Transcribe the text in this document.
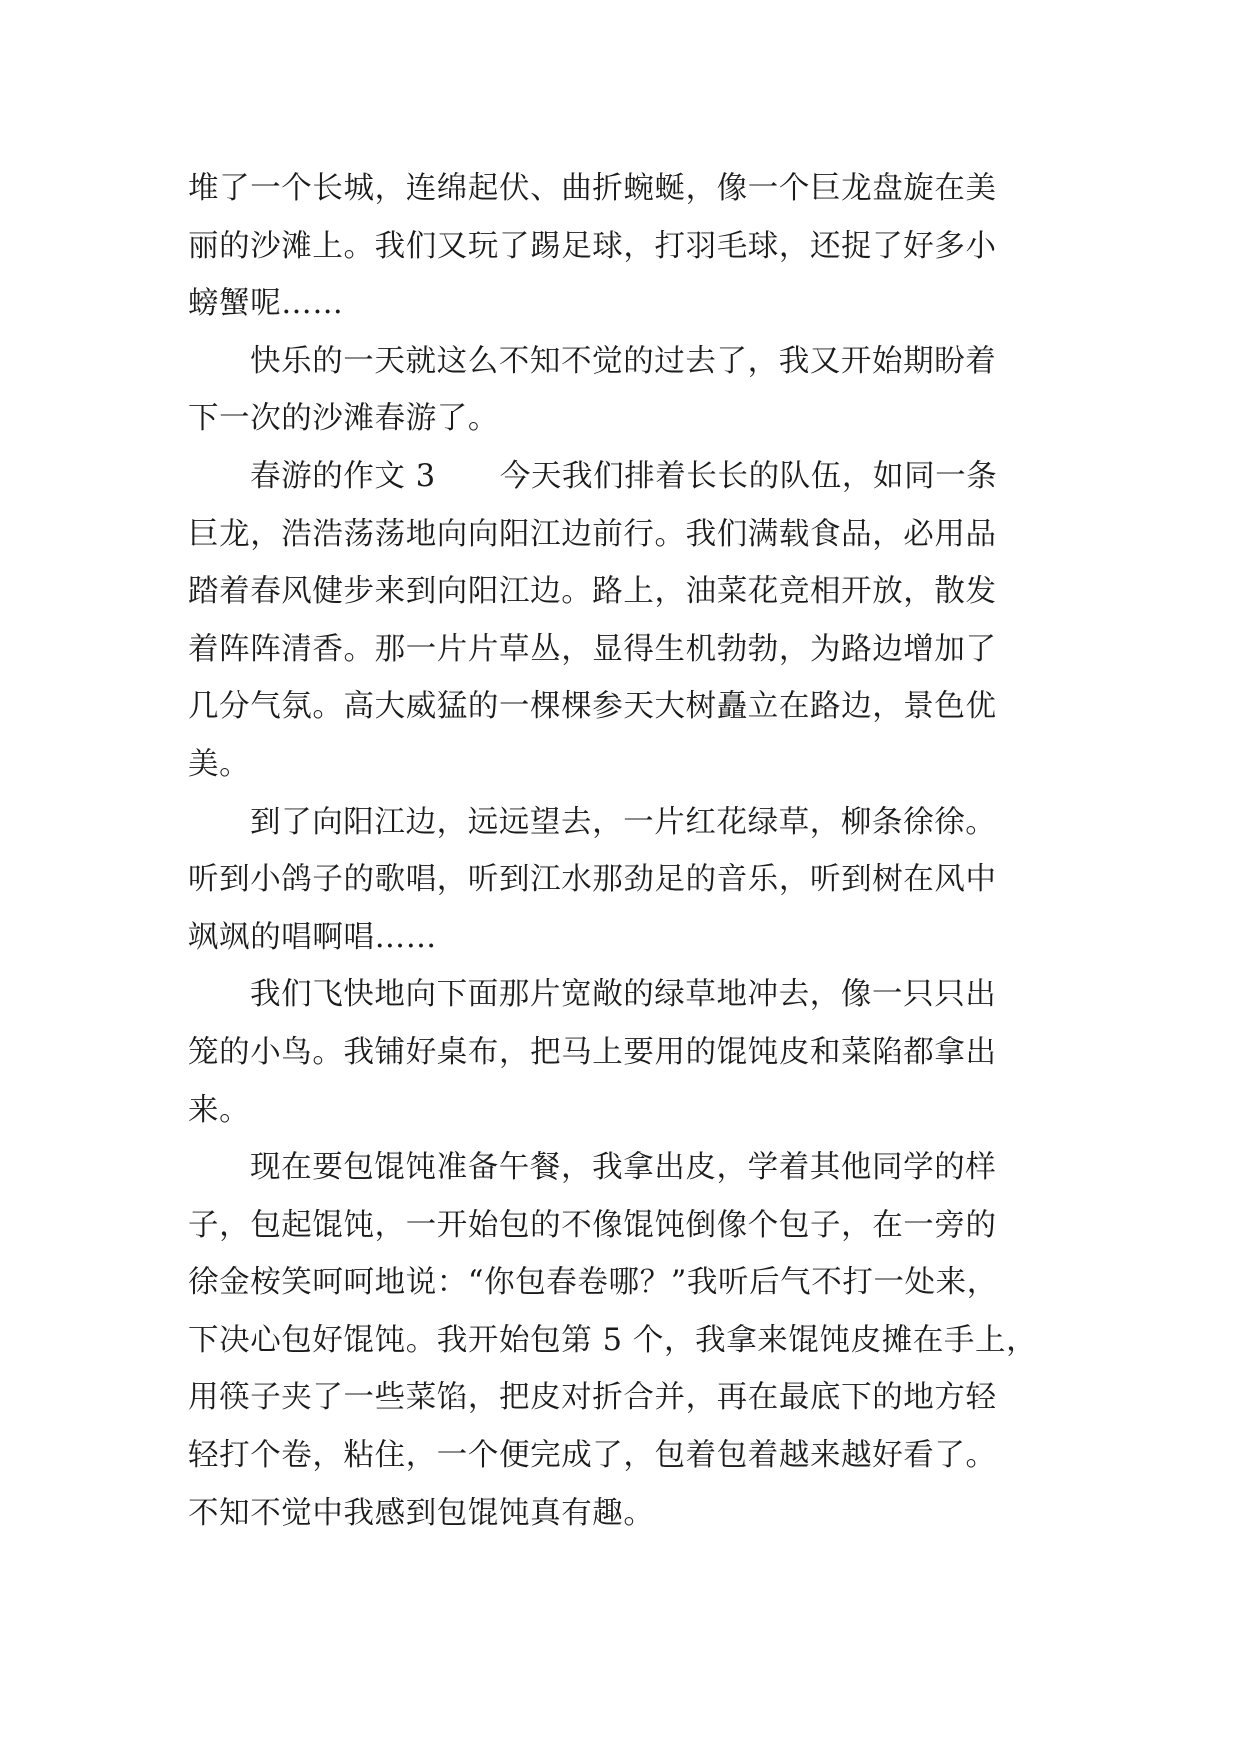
堆了一个长城，连绵起伏、曲折蜿蜒，像一个巨龙盘旋在美
丽的沙滩上。我们又玩了踢足球，打羽毛球，还捉了好多小
螃蟹呢……
快乐的一天就这么不知不觉的过去了，我又开始期盼着
下一次的沙滩春游了。
春游的作文 3 今天我们排着长长的队伍，如同一条
巨龙，浩浩荡荡地向向阳江边前行。我们满载食品，必用品
踏着春风健步来到向阳江边。路上，油菜花竞相开放，散发
着阵阵清香。那一片片草丛，显得生机勃勃，为路边增加了
几分气氛。高大威猛的一棵棵参天大树矗立在路边，景色优
美。
到了向阳江边，远远望去，一片红花绿草，柳条徐徐。
听到小鸽子的歌唱，听到江水那劲足的音乐，听到树在风中
飒飒的唱啊唱……
我们飞快地向下面那片宽敞的绿草地冲去，像一只只出
笼的小鸟。我铺好桌布，把马上要用的馄饨皮和菜陷都拿出
来。
现在要包馄饨准备午餐，我拿出皮，学着其他同学的样
子，包起馄饨，一开始包的不像馄饨倒像个包子，在一旁的
徐金桉笑呵呵地说：“你包春卷哪？”我听后气不打一处来，
下决心包好馄饨。我开始包第 5 个，我拿来馄饨皮摊在手上，
用筷子夹了一些菜馅，把皮对折合并，再在最底下的地方轻
轻打个卷，粘住，一个便完成了，包着包着越来越好看了。
不知不觉中我感到包馄饨真有趣。
